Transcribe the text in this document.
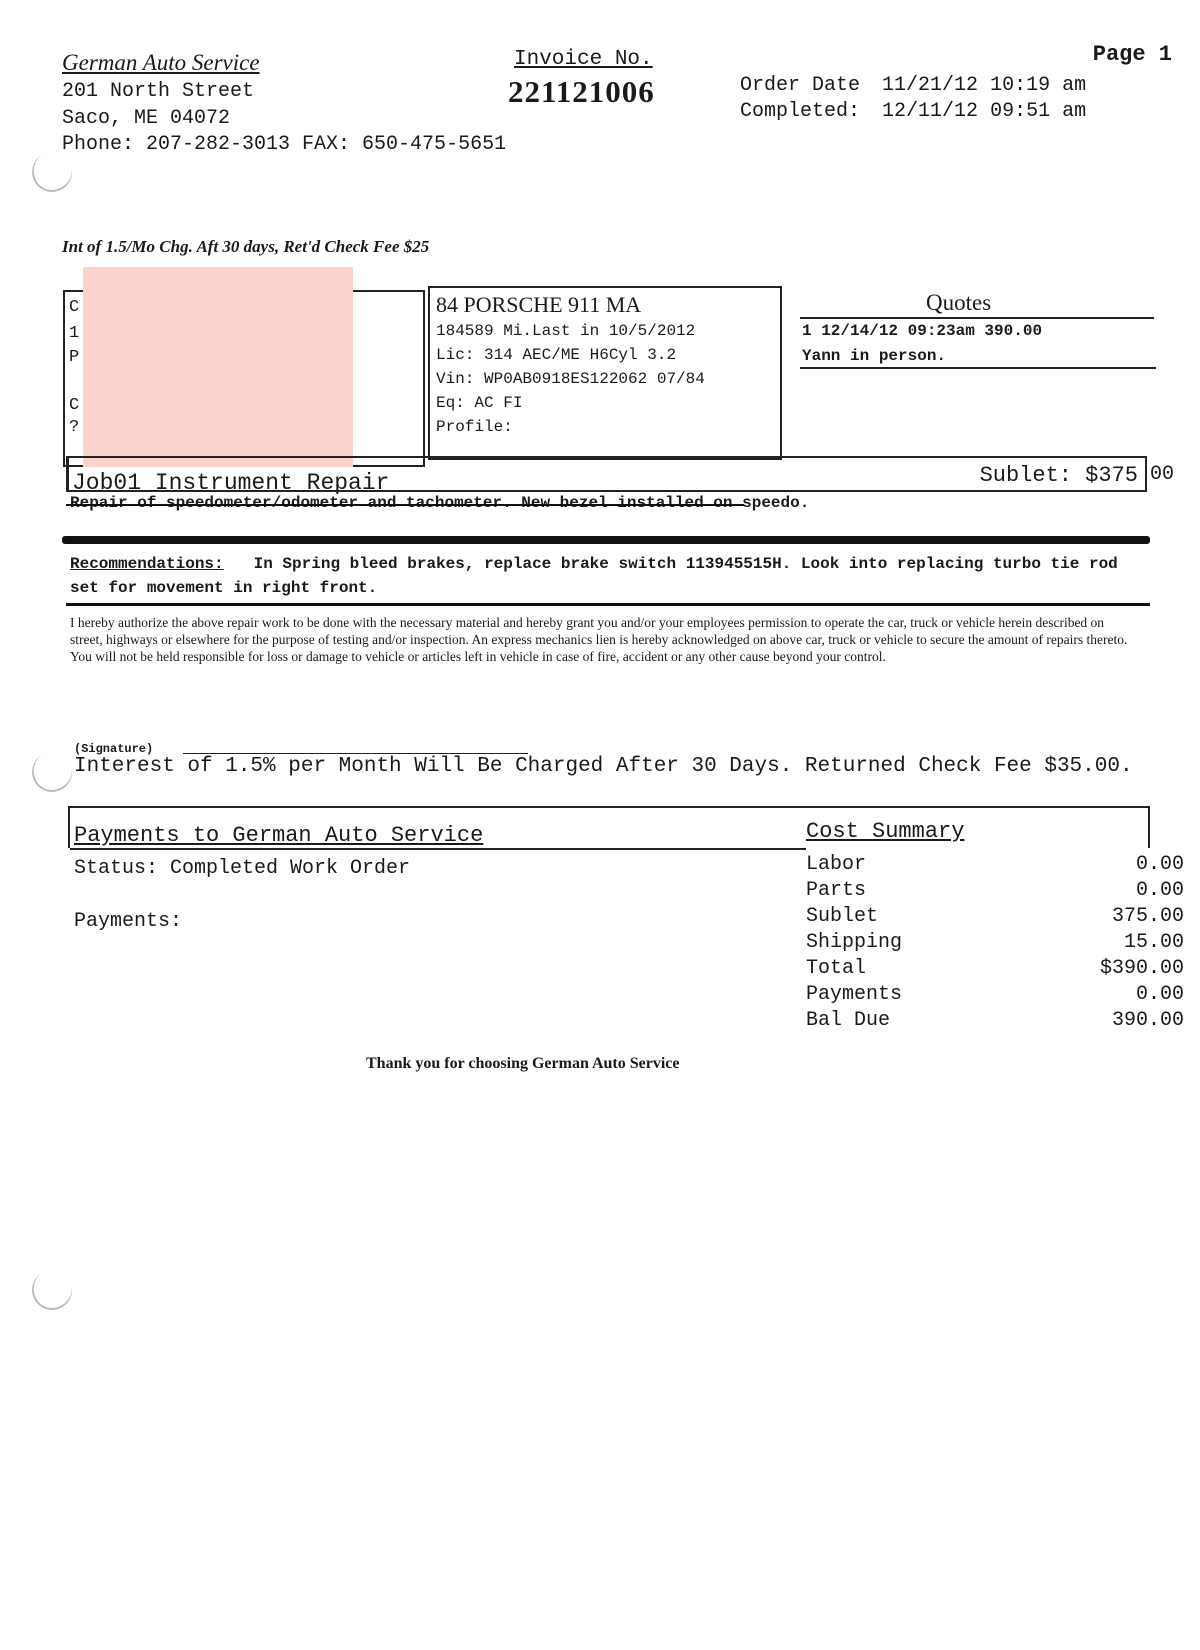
German Auto Service
201 North Street
Saco, ME 04072
Phone: 207-282-3013 FAX: 650-475-5651
Invoice No.
221121006
Page 1
Order Date 11/21/12 10:19 am
Completed: 12/11/12 09:51 am
Int of 1.5/Mo Chg. Aft 30 days, Ret'd Check Fee $25
C
1
P
C
?
84 PORSCHE 911 MA
184589 Mi.Last in 10/5/2012
Lic: 314 AEC/ME H6Cyl 3.2
Vin: WP0AB0918ES122062 07/84
Eq: AC FI
Profile:
Quotes
1 12/14/12 09:23am 390.00
Yann in person.
Job01 Instrument Repair	Sublet: $375 00
Repair of speedometer/odometer and tachometer. New bezel installed on speedo.
Recommendations: In Spring bleed brakes, replace brake switch 113945515H. Look into replacing turbo tie rod set for movement in right front.
I hereby authorize the above repair work to be done with the necessary material and hereby grant you and/or your employees permission to operate the car, truck or vehicle herein described on street, highways or elsewhere for the purpose of testing and/or inspection. An express mechanics lien is hereby acknowledged on above car, truck or vehicle to secure the amount of repairs thereto. You will not be held responsible for loss or damage to vehicle or articles left in vehicle in case of fire, accident or any other cause beyond your control.
(Signature)
Interest of 1.5% per Month Will Be Charged After 30 Days. Returned Check Fee $35.00.
Payments to German Auto Service	Cost Summary
Status: Completed Work Order
Payments:
Labor	0.00
Parts	0.00
Sublet	375.00
Shipping	15.00
Total	$390.00
Payments	0.00
Bal Due	390.00
Thank you for choosing German Auto Service
